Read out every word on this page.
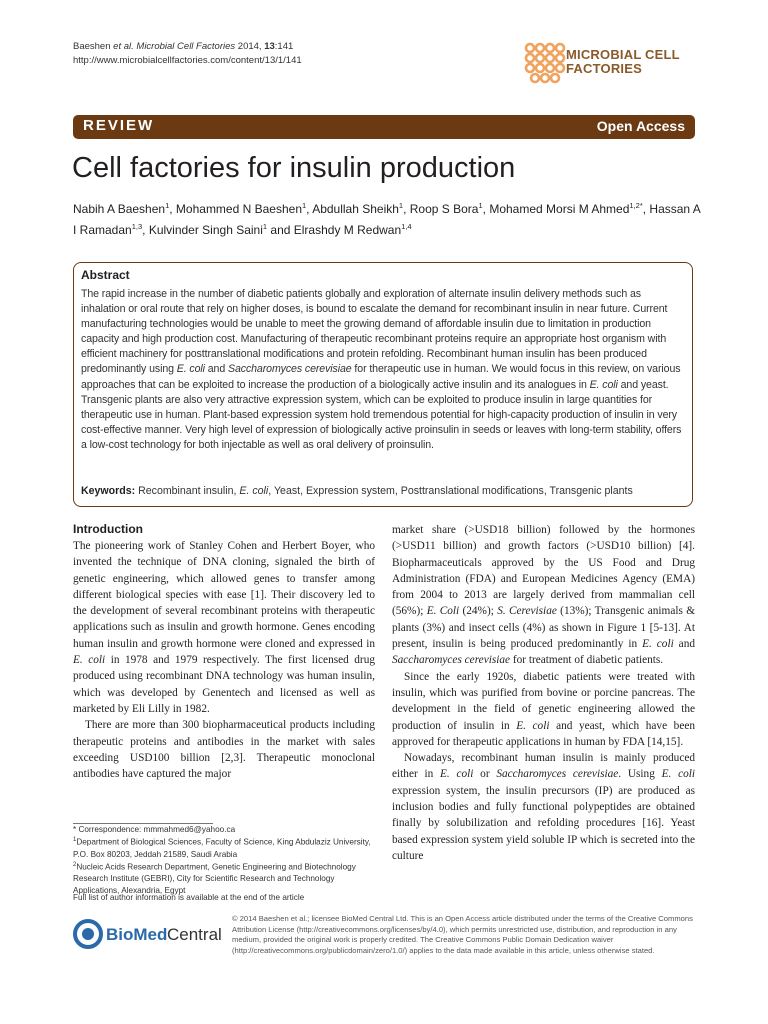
Baeshen et al. Microbial Cell Factories 2014, 13:141
http://www.microbialcellfactories.com/content/13/1/141	MICROBIAL CELL
FACTORIES
REVIEW	Open Access
Cell factories for insulin production
Nabih A Baeshen$^1$, Mohammed N Baeshen$^1$, Abdullah Sheikh$^1$, Roop S Bora$^1$, Mohamed Morsi M Ahmed$^{1,2*}$, Hassan A I Ramadan$^{1,3}$, Kulvinder Singh Saini$^1$ and Elrashdy M Redwan$^{1,4}$
Abstract
The rapid increase in the number of diabetic patients globally and exploration of alternate insulin delivery methods such as inhalation or oral route that rely on higher doses, is bound to escalate the demand for recombinant insulin in near future. Current manufacturing technologies would be unable to meet the growing demand of affordable insulin due to limitation in production capacity and high production cost. Manufacturing of therapeutic recombinant proteins require an appropriate host organism with efficient machinery for posttranslational modifications and protein refolding. Recombinant human insulin has been produced predominantly using E. coli and Saccharomyces cerevisiae for therapeutic use in human. We would focus in this review, on various approaches that can be exploited to increase the production of a biologically active insulin and its analogues in E. coli and yeast. Transgenic plants are also very attractive expression system, which can be exploited to produce insulin in large quantities for therapeutic use in human. Plant-based expression system hold tremendous potential for high-capacity production of insulin in very cost-effective manner. Very high level of expression of biologically active proinsulin in seeds or leaves with long-term stability, offers a low-cost technology for both injectable as well as oral delivery of proinsulin.
Keywords: Recombinant insulin, E. coli, Yeast, Expression system, Posttranslational modifications, Transgenic plants
Introduction

The pioneering work of Stanley Cohen and Herbert Boyer, who invented the technique of DNA cloning, signaled the birth of genetic engineering, which allowed genes to transfer among different biological species with ease [1]. Their discovery led to the development of several recombinant proteins with therapeutic applications such as insulin and growth hormone. Genes encoding human insulin and growth hormone were cloned and expressed in E. coli in 1978 and 1979 respectively. The first licensed drug produced using recombinant DNA technology was human insulin, which was developed by Genentech and licensed as well as marketed by Eli Lilly in 1982.

There are more than 300 biopharmaceutical products including therapeutic proteins and antibodies in the market with sales exceeding USD100 billion [2,3]. Therapeutic monoclonal antibodies have captured the major

market share (>USD18 billion) followed by the hormones (>USD11 billion) and growth factors (>USD10 billion) [4]. Biopharmaceuticals approved by the US Food and Drug Administration (FDA) and European Medicines Agency (EMA) from 2004 to 2013 are largely derived from mammalian cell (56%); E. Coli (24%); S. Cerevisiae (13%); Transgenic animals & plants (3%) and insect cells (4%) as shown in Figure 1 [5-13]. At present, insulin is being produced predominantly in E. coli and Saccharomyces cerevisiae for treatment of diabetic patients.

Since the early 1920s, diabetic patients were treated with insulin, which was purified from bovine or porcine pancreas. The development in the field of genetic engineering allowed the production of insulin in E. coli and yeast, which have been approved for therapeutic applications in human by FDA [14,15].

Nowadays, recombinant human insulin is mainly produced either in E. coli or Saccharomyces cerevisiae. Using E. coli expression system, the insulin precursors (IP) are produced as inclusion bodies and fully functional polypeptides are obtained finally by solubilization and refolding procedures [16]. Yeast based expression system yield soluble IP which is secreted into the culture

* Correspondence: mmmahmed6@yahoo.ca
$^1$Department of Biological Sciences, Faculty of Science, King Abdulaziz University, P.O. Box 80203, Jeddah 21589, Saudi Arabia
$^2$Nucleic Acids Research Department, Genetic Engineering and Biotechnology Research Institute (GEBRI), City for Scientific Research and Technology Applications, Alexandria, Egypt
Full list of author information is available at the end of the article
BioMed Central
© 2014 Baeshen et al.; licensee BioMed Central Ltd. This is an Open Access article distributed under the terms of the Creative Commons Attribution License (http://creativecommons.org/licenses/by/4.0), which permits unrestricted use, distribution, and reproduction in any medium, provided the original work is properly credited. The Creative Commons Public Domain Dedication waiver (http://creativecommons.org/publicdomain/zero/1.0/) applies to the data made available in this article, unless otherwise stated.
